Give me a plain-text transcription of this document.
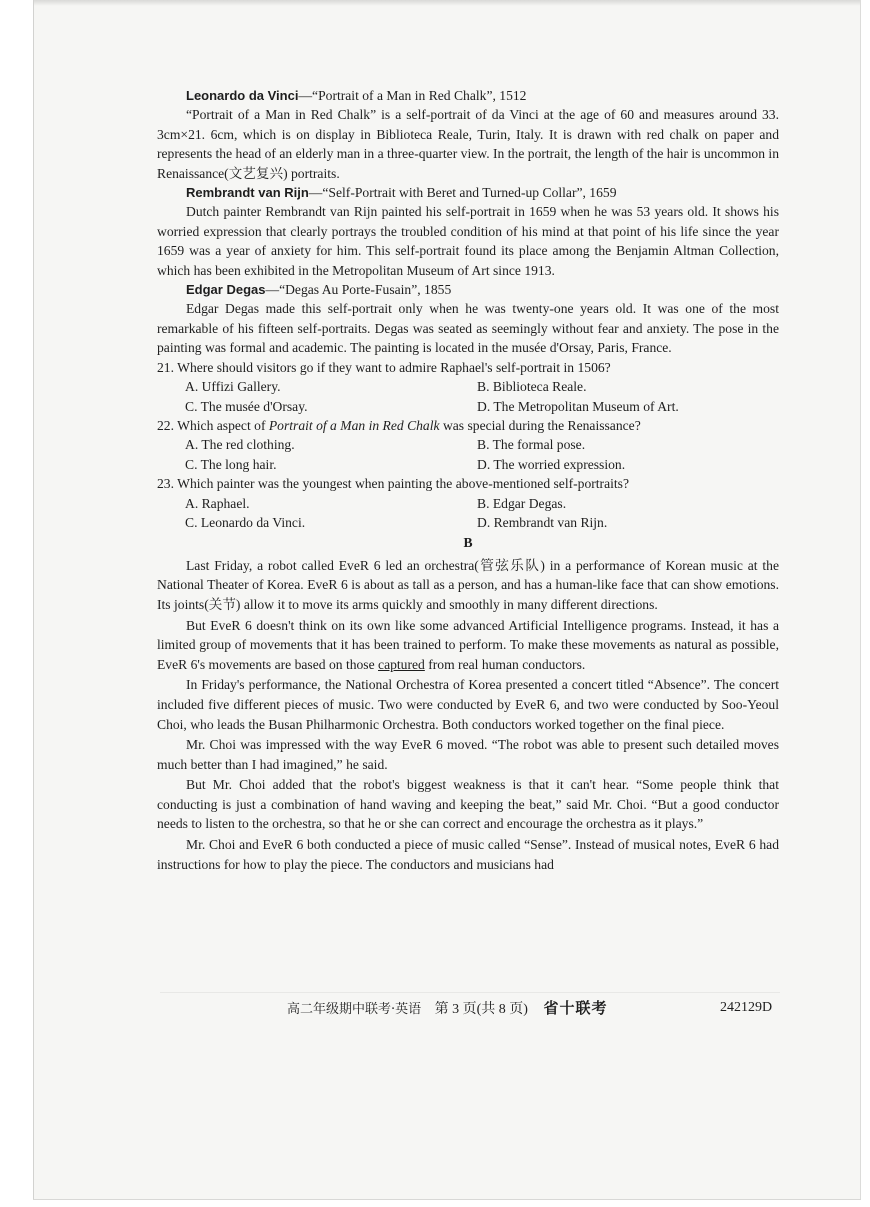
Leonardo da Vinci—“Portrait of a Man in Red Chalk”, 1512

“Portrait of a Man in Red Chalk” is a self-portrait of da Vinci at the age of 60 and measures around 33. 3cm×21. 6cm, which is on display in Biblioteca Reale, Turin, Italy. It is drawn with red chalk on paper and represents the head of an elderly man in a three-quarter view. In the portrait, the length of the hair is uncommon in Renaissance(文艺复兴) portraits.

Rembrandt van Rijn—“Self-Portrait with Beret and Turned-up Collar”, 1659

Dutch painter Rembrandt van Rijn painted his self-portrait in 1659 when he was 53 years old. It shows his worried expression that clearly portrays the troubled condition of his mind at that point of his life since the year 1659 was a year of anxiety for him. This self-portrait found its place among the Benjamin Altman Collection, which has been exhibited in the Metropolitan Museum of Art since 1913.

Edgar Degas—“Degas Au Porte-Fusain”, 1855

Edgar Degas made this self-portrait only when he was twenty-one years old. It was one of the most remarkable of his fifteen self-portraits. Degas was seated as seemingly without fear and anxiety. The pose in the painting was formal and academic. The painting is located in the musée d'Orsay, Paris, France.

21. Where should visitors go if they want to admire Raphael's self-portrait in 1506?

A. Uffizi Gallery.	B. Biblioteca Reale.
C. The musée d'Orsay.	D. The Metropolitan Museum of Art.

22. Which aspect of Portrait of a Man in Red Chalk was special during the Renaissance?

A. The red clothing.	B. The formal pose.
C. The long hair.	D. The worried expression.

23. Which painter was the youngest when painting the above-mentioned self-portraits?

A. Raphael.	B. Edgar Degas.
C. Leonardo da Vinci.	D. Rembrandt van Rijn.
B

Last Friday, a robot called EveR 6 led an orchestra(管弦乐队) in a performance of Korean music at the National Theater of Korea. EveR 6 is about as tall as a person, and has a human-like face that can show emotions. Its joints(关节) allow it to move its arms quickly and smoothly in many different directions.

But EveR 6 doesn't think on its own like some advanced Artificial Intelligence programs. Instead, it has a limited group of movements that it has been trained to perform. To make these movements as natural as possible, EveR 6's movements are based on those captured from real human conductors.

In Friday's performance, the National Orchestra of Korea presented a concert titled “Absence”. The concert included five different pieces of music. Two were conducted by EveR 6, and two were conducted by Soo-Yeoul Choi, who leads the Busan Philharmonic Orchestra. Both conductors worked together on the final piece.

Mr. Choi was impressed with the way EveR 6 moved. “The robot was able to present such detailed moves much better than I had imagined,” he said.

But Mr. Choi added that the robot's biggest weakness is that it can't hear. “Some people think that conducting is just a combination of hand waving and keeping the beat,” said Mr. Choi. “But a good conductor needs to listen to the orchestra, so that he or she can correct and encourage the orchestra as it plays.”

Mr. Choi and EveR 6 both conducted a piece of music called “Sense”. Instead of musical notes, EveR 6 had instructions for how to play the piece. The conductors and musicians had

高二年级期中联考·英语 第 3 页(共 8 页) 省十联考	242129D
